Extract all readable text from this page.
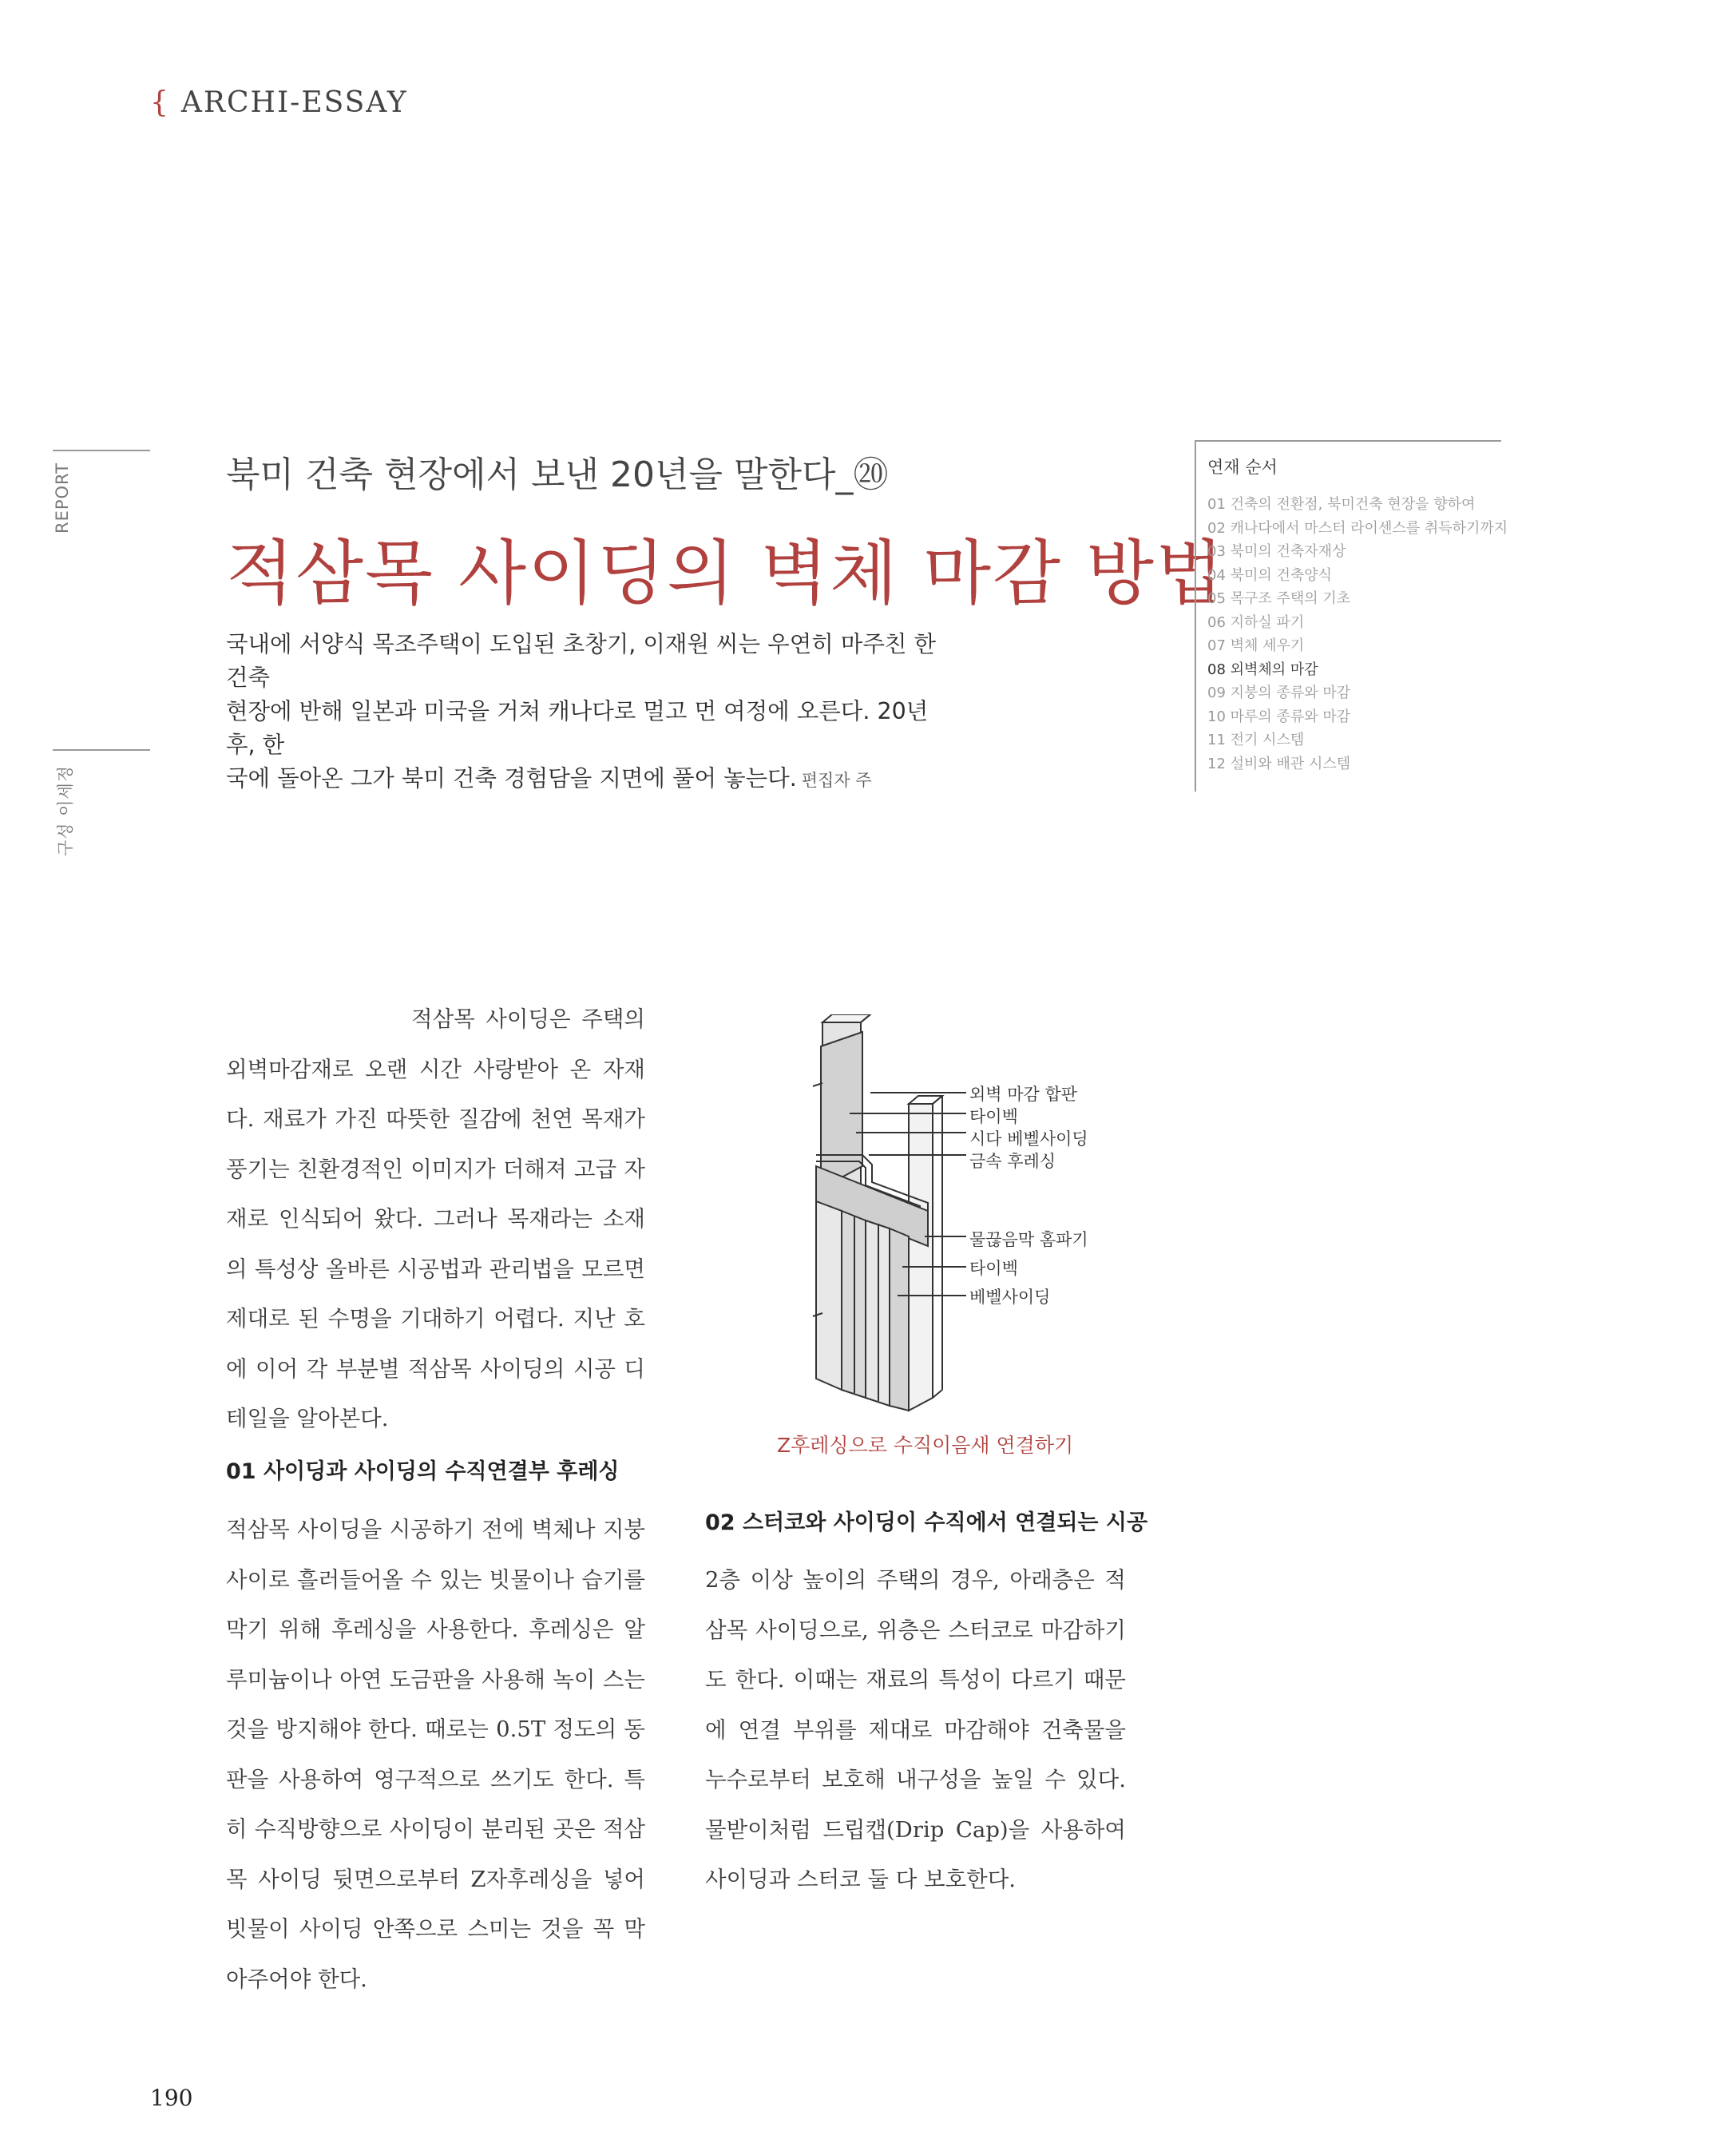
{ ARCHI-ESSAY
REPORT
구성 이세정
북미 건축 현장에서 보낸 20년을 말한다_⑳
적삼목 사이딩의 벽체 마감 방법
국내에 서양식 목조주택이 도입된 초창기, 이재원 씨는 우연히 마주친 한 건축
현장에 반해 일본과 미국을 거쳐 캐나다로 멀고 먼 여정에 오른다. 20년 후, 한
국에 돌아온 그가 북미 건축 경험담을 지면에 풀어 놓는다. 편집자 주
연재 순서
01 건축의 전환점, 북미건축 현장을 향하여
02 캐나다에서 마스터 라이센스를 취득하기까지
03 북미의 건축자재상
04 북미의 건축양식
05 목구조 주택의 기초
06 지하실 파기
07 벽체 세우기
08 외벽체의 마감
09 지붕의 종류와 마감
10 마루의 종류와 마감
11 전기 시스템
12 설비와 배관 시스템
적삼목 사이딩은 주택의 외벽마감재로 오랜 시간 사랑받아 온 자재다. 재료가 가진 따뜻한 질감에 천연 목재가 풍기는 친환경적인 이미지가 더해져 고급 자재로 인식되어 왔다. 그러나 목재라는 소재의 특성상 올바른 시공법과 관리법을 모르면 제대로 된 수명을 기대하기 어렵다. 지난 호에 이어 각 부분별 적삼목 사이딩의 시공 디테일을 알아본다.
01 사이딩과 사이딩의 수직연결부 후레싱
적삼목 사이딩을 시공하기 전에 벽체나 지붕 사이로 흘러들어올 수 있는 빗물이나 습기를 막기 위해 후레싱을 사용한다. 후레싱은 알루미늄이나 아연 도금판을 사용해 녹이 스는 것을 방지해야 한다. 때로는 0.5T 정도의 동판을 사용하여 영구적으로 쓰기도 한다. 특히 수직방향으로 사이딩이 분리된 곳은 적삼목 사이딩 뒷면으로부터 Z자후레싱을 넣어 빗물이 사이딩 안쪽으로 스미는 것을 꼭 막아주어야 한다.
02 스터코와 사이딩이 수직에서 연결되는 시공
2층 이상 높이의 주택의 경우, 아래층은 적삼목 사이딩으로, 위층은 스터코로 마감하기도 한다. 이때는 재료의 특성이 다르기 때문에 연결 부위를 제대로 마감해야 건축물을 누수로부터 보호해 내구성을 높일 수 있다. 물받이처럼 드립캡(Drip Cap)을 사용하여 사이딩과 스터코 둘 다 보호한다.
외벽 마감 합판
타이벡
시다 베벨사이딩
금속 후레싱
물끊음막 홈파기
타이벡
베벨사이딩
Z후레싱으로 수직이음새 연결하기
190
